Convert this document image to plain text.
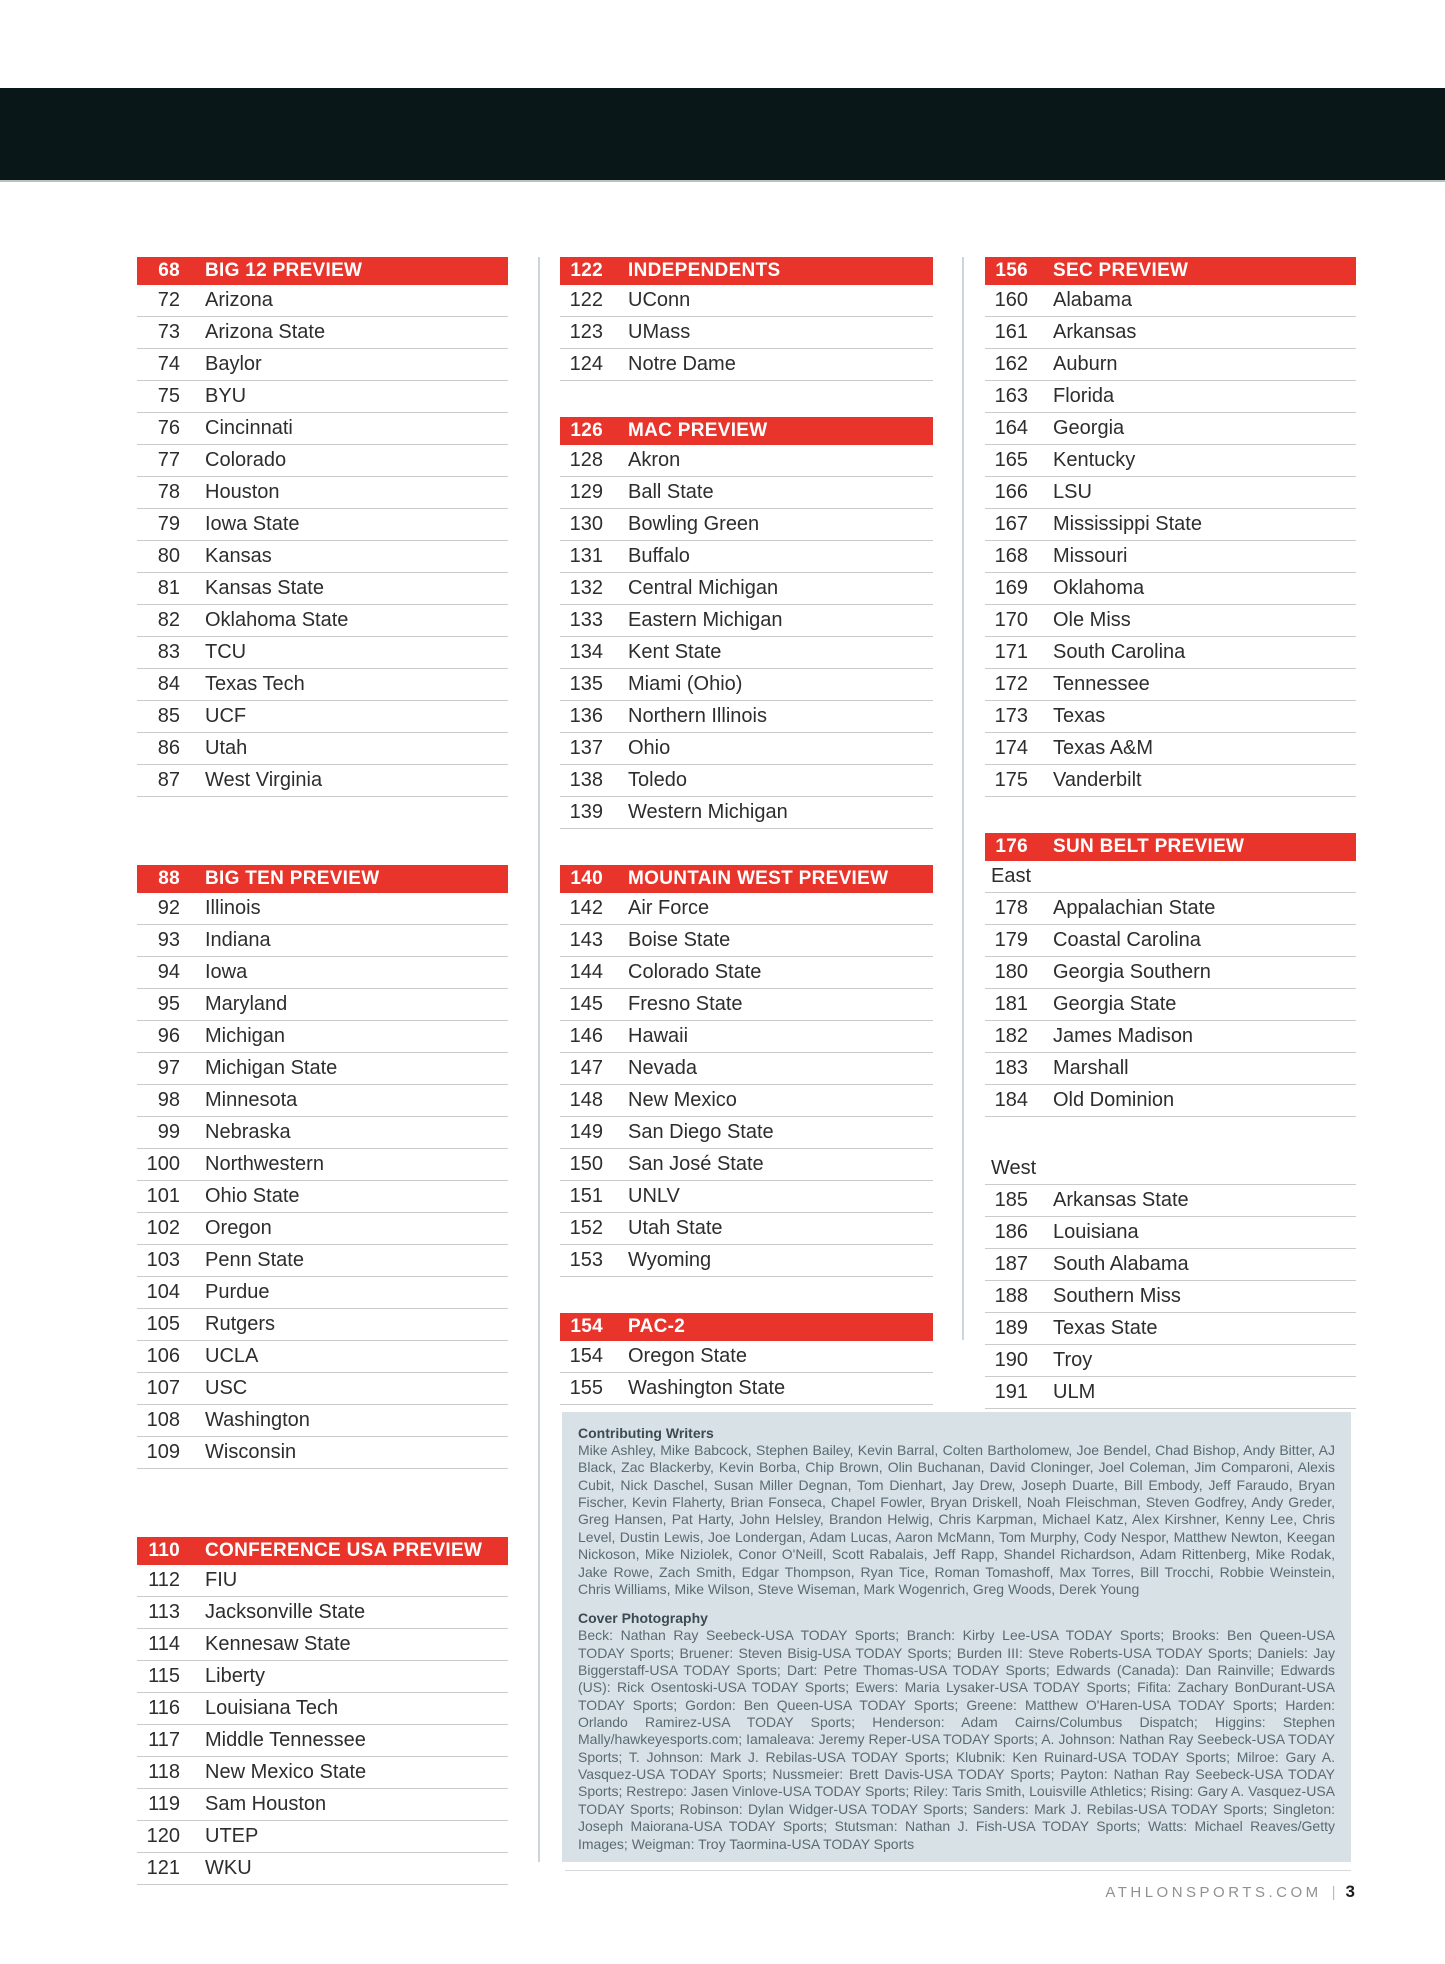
68 BIG 12 PREVIEW
72 Arizona
73 Arizona State
74 Baylor
75 BYU
76 Cincinnati
77 Colorado
78 Houston
79 Iowa State
80 Kansas
81 Kansas State
82 Oklahoma State
83 TCU
84 Texas Tech
85 UCF
86 Utah
87 West Virginia
88 BIG TEN PREVIEW
92 Illinois
93 Indiana
94 Iowa
95 Maryland
96 Michigan
97 Michigan State
98 Minnesota
99 Nebraska
100 Northwestern
101 Ohio State
102 Oregon
103 Penn State
104 Purdue
105 Rutgers
106 UCLA
107 USC
108 Washington
109 Wisconsin
110 CONFERENCE USA PREVIEW
112 FIU
113 Jacksonville State
114 Kennesaw State
115 Liberty
116 Louisiana Tech
117 Middle Tennessee
118 New Mexico State
119 Sam Houston
120 UTEP
121 WKU
122 INDEPENDENTS
122 UConn
123 UMass
124 Notre Dame
126 MAC PREVIEW
128 Akron
129 Ball State
130 Bowling Green
131 Buffalo
132 Central Michigan
133 Eastern Michigan
134 Kent State
135 Miami (Ohio)
136 Northern Illinois
137 Ohio
138 Toledo
139 Western Michigan
140 MOUNTAIN WEST PREVIEW
142 Air Force
143 Boise State
144 Colorado State
145 Fresno State
146 Hawaii
147 Nevada
148 New Mexico
149 San Diego State
150 San José State
151 UNLV
152 Utah State
153 Wyoming
154 PAC-2
154 Oregon State
155 Washington State
156 SEC PREVIEW
160 Alabama
161 Arkansas
162 Auburn
163 Florida
164 Georgia
165 Kentucky
166 LSU
167 Mississippi State
168 Missouri
169 Oklahoma
170 Ole Miss
171 South Carolina
172 Tennessee
173 Texas
174 Texas A&M
175 Vanderbilt
176 SUN BELT PREVIEW
East
178 Appalachian State
179 Coastal Carolina
180 Georgia Southern
181 Georgia State
182 James Madison
183 Marshall
184 Old Dominion
West
185 Arkansas State
186 Louisiana
187 South Alabama
188 Southern Miss
189 Texas State
190 Troy
191 ULM
Contributing Writers

Mike Ashley, Mike Babcock, Stephen Bailey, Kevin Barral, Colten Bartholomew, Joe Bendel, Chad Bishop, Andy Bitter, AJ Black, Zac Blackerby, Kevin Borba, Chip Brown, Olin Buchanan, David Cloninger, Joel Coleman, Jim Comparoni, Alexis Cubit, Nick Daschel, Susan Miller Degnan, Tom Dienhart, Jay Drew, Joseph Duarte, Bill Embody, Jeff Faraudo, Bryan Fischer, Kevin Flaherty, Brian Fonseca, Chapel Fowler, Bryan Driskell, Noah Fleischman, Steven Godfrey, Andy Greder, Greg Hansen, Pat Harty, John Helsley, Brandon Helwig, Chris Karpman, Michael Katz, Alex Kirshner, Kenny Lee, Chris Level, Dustin Lewis, Joe Londergan, Adam Lucas, Aaron McMann, Tom Murphy, Cody Nespor, Matthew Newton, Keegan Nickoson, Mike Niziolek, Conor O'Neill, Scott Rabalais, Jeff Rapp, Shandel Richardson, Adam Rittenberg, Mike Rodak, Jake Rowe, Zach Smith, Edgar Thompson, Ryan Tice, Roman Tomashoff, Max Torres, Bill Trocchi, Robbie Weinstein, Chris Williams, Mike Wilson, Steve Wiseman, Mark Wogenrich, Greg Woods, Derek Young

Cover Photography

Beck: Nathan Ray Seebeck-USA TODAY Sports; Branch: Kirby Lee-USA TODAY Sports; Brooks: Ben Queen-USA TODAY Sports; Bruener: Steven Bisig-USA TODAY Sports; Burden III: Steve Roberts-USA TODAY Sports; Daniels: Jay Biggerstaff-USA TODAY Sports; Dart: Petre Thomas-USA TODAY Sports; Edwards (Canada): Dan Rainville; Edwards (US): Rick Osentoski-USA TODAY Sports; Ewers: Maria Lysaker-USA TODAY Sports; Fifita: Zachary BonDurant-USA TODAY Sports; Gordon: Ben Queen-USA TODAY Sports; Greene: Matthew O'Haren-USA TODAY Sports; Harden: Orlando Ramirez-USA TODAY Sports; Henderson: Adam Cairns/Columbus Dispatch; Higgins: Stephen Mally/hawkeyesports.com; Iamaleava: Jeremy Reper-USA TODAY Sports; A. Johnson: Nathan Ray Seebeck-USA TODAY Sports; T. Johnson: Mark J. Rebilas-USA TODAY Sports; Klubnik: Ken Ruinard-USA TODAY Sports; Milroe: Gary A. Vasquez-USA TODAY Sports; Nussmeier: Brett Davis-USA TODAY Sports; Payton: Nathan Ray Seebeck-USA TODAY Sports; Restrepo: Jasen Vinlove-USA TODAY Sports; Riley: Taris Smith, Louisville Athletics; Rising: Gary A. Vasquez-USA TODAY Sports; Robinson: Dylan Widger-USA TODAY Sports; Sanders: Mark J. Rebilas-USA TODAY Sports; Singleton: Joseph Maiorana-USA TODAY Sports; Stutsman: Nathan J. Fish-USA TODAY Sports; Watts: Michael Reaves/Getty Images; Weigman: Troy Taormina-USA TODAY Sports

ATHLONSPORTS.COM | 3
